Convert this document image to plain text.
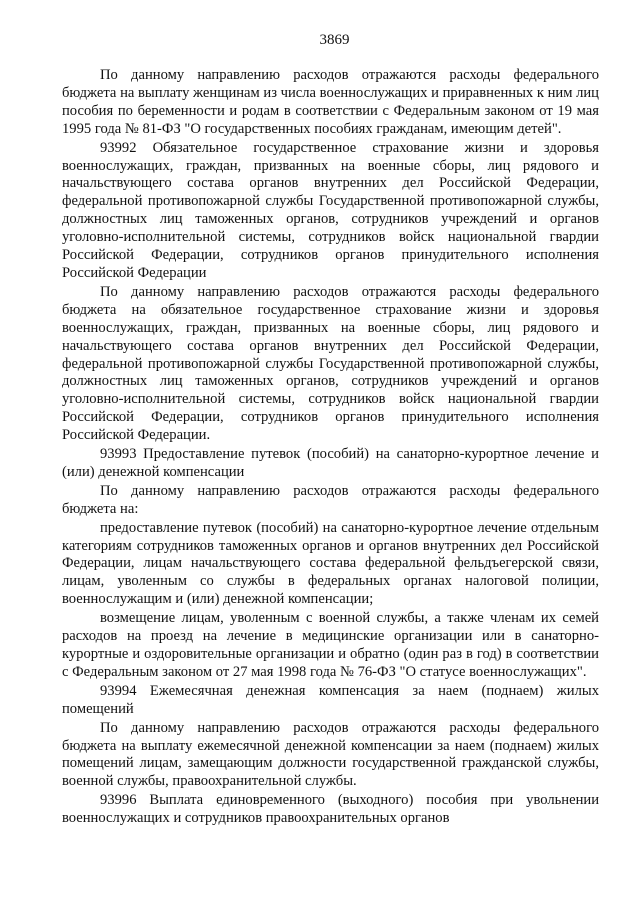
3869

По данному направлению расходов отражаются расходы федерального бюджета на выплату женщинам из числа военнослужащих и приравненных к ним лиц пособия по беременности и родам в соответствии с Федеральным законом от 19 мая 1995 года № 81-ФЗ "О государственных пособиях гражданам, имеющим детей".

93992 Обязательное государственное страхование жизни и здоровья военнослужащих, граждан, призванных на военные сборы, лиц рядового и начальствующего состава органов внутренних дел Российской Федерации, федеральной противопожарной службы Государственной противопожарной службы, должностных лиц таможенных органов, сотрудников учреждений и органов уголовно-исполнительной системы, сотрудников войск национальной гвардии Российской Федерации, сотрудников органов принудительного исполнения Российской Федерации

По данному направлению расходов отражаются расходы федерального бюджета на обязательное государственное страхование жизни и здоровья военнослужащих, граждан, призванных на военные сборы, лиц рядового и начальствующего состава органов внутренних дел Российской Федерации, федеральной противопожарной службы Государственной противопожарной службы, должностных лиц таможенных органов, сотрудников учреждений и органов уголовно-исполнительной системы, сотрудников войск национальной гвардии Российской Федерации, сотрудников органов принудительного исполнения Российской Федерации.

93993 Предоставление путевок (пособий) на санаторно-курортное лечение и (или) денежной компенсации

По данному направлению расходов отражаются расходы федерального бюджета на:

предоставление путевок (пособий) на санаторно-курортное лечение отдельным категориям сотрудников таможенных органов и органов внутренних дел Российской Федерации, лицам начальствующего состава федеральной фельдъегерской связи, лицам, уволенным со службы в федеральных органах налоговой полиции, военнослужащим и (или) денежной компенсации;

возмещение лицам, уволенным с военной службы, а также членам их семей расходов на проезд на лечение в медицинские организации или в санаторно-курортные и оздоровительные организации и обратно (один раз в год) в соответствии с Федеральным законом от 27 мая 1998 года № 76-ФЗ "О статусе военнослужащих".

93994 Ежемесячная денежная компенсация за наем (поднаем) жилых помещений

По данному направлению расходов отражаются расходы федерального бюджета на выплату ежемесячной денежной компенсации за наем (поднаем) жилых помещений лицам, замещающим должности государственной гражданской службы, военной службы, правоохранительной службы.

93996 Выплата единовременного (выходного) пособия при увольнении военнослужащих и сотрудников правоохранительных органов
